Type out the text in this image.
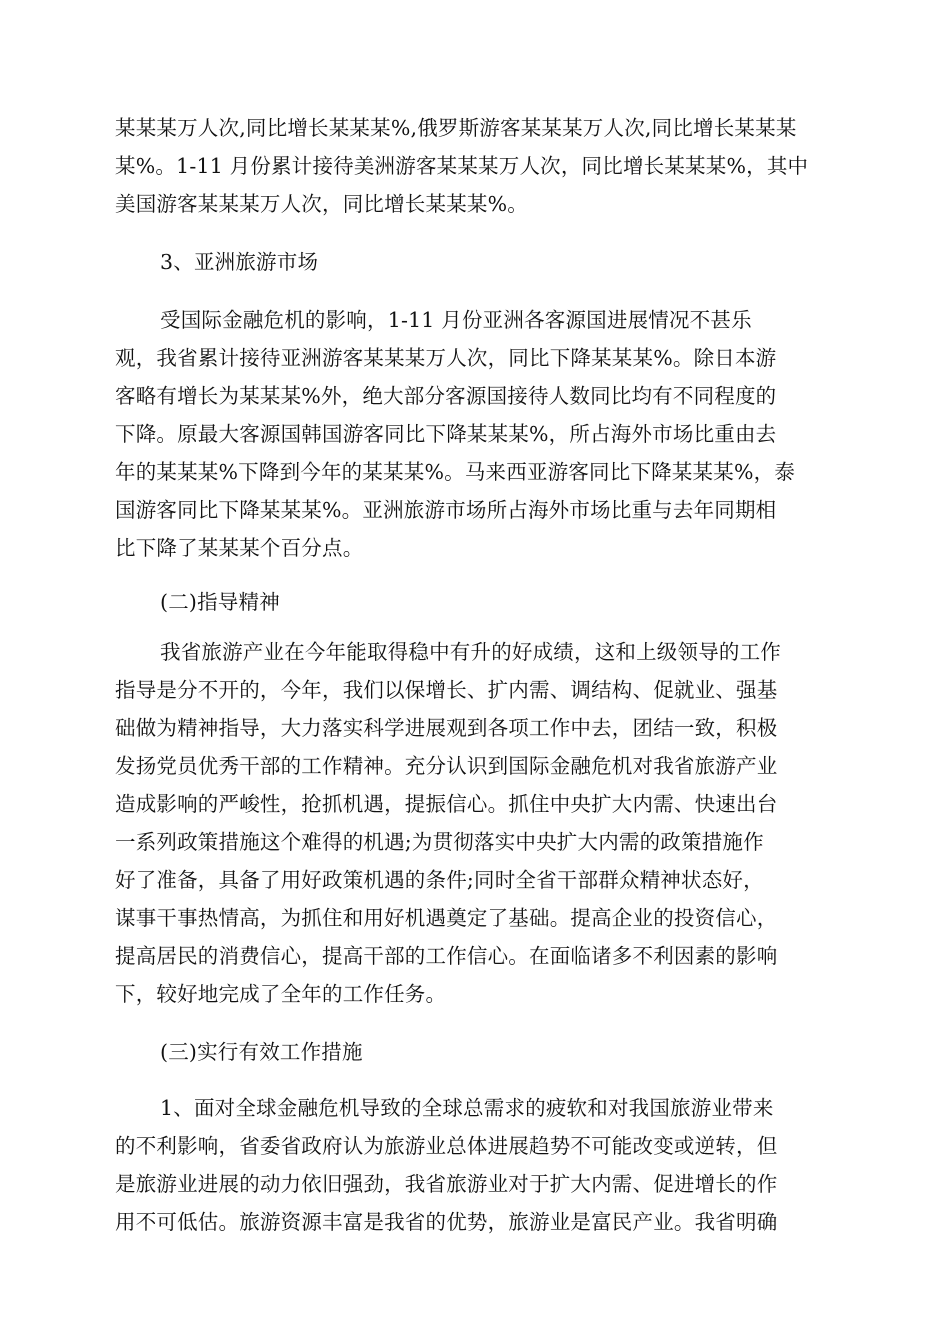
某某某万人次,同比增长某某某%,俄罗斯游客某某某万人次,同比增长某某某
某%。1-11 月份累计接待美洲游客某某某万人次，同比增长某某某%，其中
美国游客某某某万人次，同比增长某某某%。
3、亚洲旅游市场
受国际金融危机的影响，1-11 月份亚洲各客源国进展情况不甚乐
观，我省累计接待亚洲游客某某某万人次，同比下降某某某%。除日本游
客略有增长为某某某%外，绝大部分客源国接待人数同比均有不同程度的
下降。原最大客源国韩国游客同比下降某某某%，所占海外市场比重由去
年的某某某%下降到今年的某某某%。马来西亚游客同比下降某某某%，泰
国游客同比下降某某某%。亚洲旅游市场所占海外市场比重与去年同期相
比下降了某某某个百分点。
(二)指导精神
我省旅游产业在今年能取得稳中有升的好成绩，这和上级领导的工作
指导是分不开的，今年，我们以保增长、扩内需、调结构、促就业、强基
础做为精神指导，大力落实科学进展观到各项工作中去，团结一致，积极
发扬党员优秀干部的工作精神。充分认识到国际金融危机对我省旅游产业
造成影响的严峻性，抢抓机遇，提振信心。抓住中央扩大内需、快速出台
一系列政策措施这个难得的机遇;为贯彻落实中央扩大内需的政策措施作
好了准备，具备了用好政策机遇的条件;同时全省干部群众精神状态好，
谋事干事热情高，为抓住和用好机遇奠定了基础。提高企业的投资信心，
提高居民的消费信心，提高干部的工作信心。在面临诸多不利因素的影响
下，较好地完成了全年的工作任务。
(三)实行有效工作措施
1、面对全球金融危机导致的全球总需求的疲软和对我国旅游业带来
的不利影响，省委省政府认为旅游业总体进展趋势不可能改变或逆转，但
是旅游业进展的动力依旧强劲，我省旅游业对于扩大内需、促进增长的作
用不可低估。旅游资源丰富是我省的优势，旅游业是富民产业。我省明确
